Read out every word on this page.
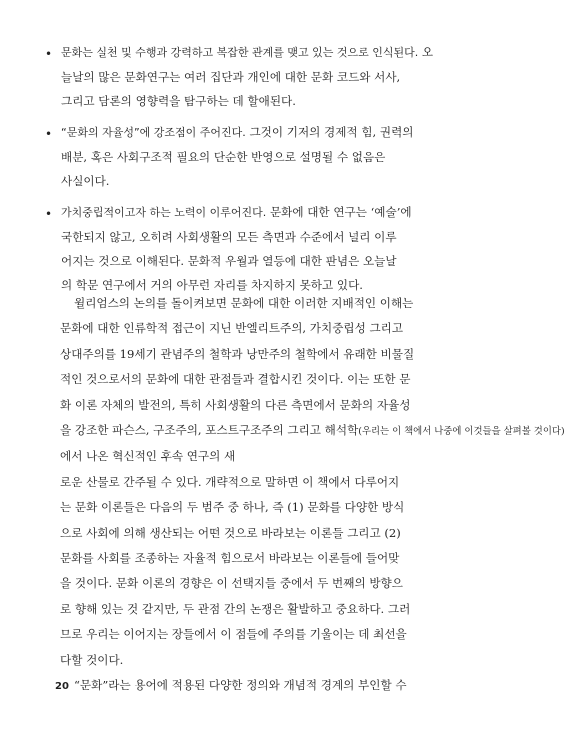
• 문화는 실천 및 수행과 강력하고 복잡한 관계를 맺고 있는 것으로 인식된다. 오
늘날의 많은 문화연구는 여러 집단과 개인에 대한 문화 코드와 서사,
그리고 담론의 영향력을 탐구하는 데 할애된다.
• “문화의 자율성”에 강조점이 주어진다. 그것이 기저의 경제적 힘, 권력의
배분, 혹은 사회구조적 필요의 단순한 반영으로 설명될 수 없음은
사실이다.
• 가치중립적이고자 하는 노력이 이루어진다. 문화에 대한 연구는 ‘예술’에
국한되지 않고, 오히려 사회생활의 모든 측면과 수준에서 널리 이루
어지는 것으로 이해된다. 문화적 우월과 열등에 대한 판념은 오늘날
의 학문 연구에서 거의 아무런 자리를 차지하지 못하고 있다.
윌리엄스의 논의를 돌이켜보면 문화에 대한 이러한 지배적인 이해는
문화에 대한 인류학적 접근이 지닌 반엘리트주의, 가치중립성 그리고
상대주의를 19세기 관념주의 철학과 낭만주의 철학에서 유래한 비물질
적인 것으로서의 문화에 대한 관점들과 결합시킨 것이다. 이는 또한 문
화 이론 자체의 발전의, 특히 사회생활의 다른 측면에서 문화의 자율성
을 강조한 파슨스, 구조주의, 포스트구조주의 그리고 해석학(우리는 이 책에서 나중에 이것들을 살펴볼 것이다)
에서 나온 혁신적인 후속 연구의 새
로운 산물로 간주될 수 있다. 개략적으로 말하면 이 책에서 다루어지
는 문화 이론들은 다음의 두 범주 중 하나, 즉 (1) 문화를 다양한 방식
으로 사회에 의해 생산되는 어떤 것으로 바라보는 이론들 그리고 (2)
문화를 사회를 조종하는 자율적 힘으로서 바라보는 이론들에 들어맞
을 것이다. 문화 이론의 경향은 이 선택지들 중에서 두 번째의 방향으
로 향해 있는 것 같지만, 두 관점 간의 논쟁은 활발하고 중요하다. 그러
므로 우리는 이어지는 장들에서 이 점들에 주의를 기울이는 데 최선을
다할 것이다.
“문화”라는 용어에 적용된 다양한 정의와 개념적 경계의 부인할 수
20
